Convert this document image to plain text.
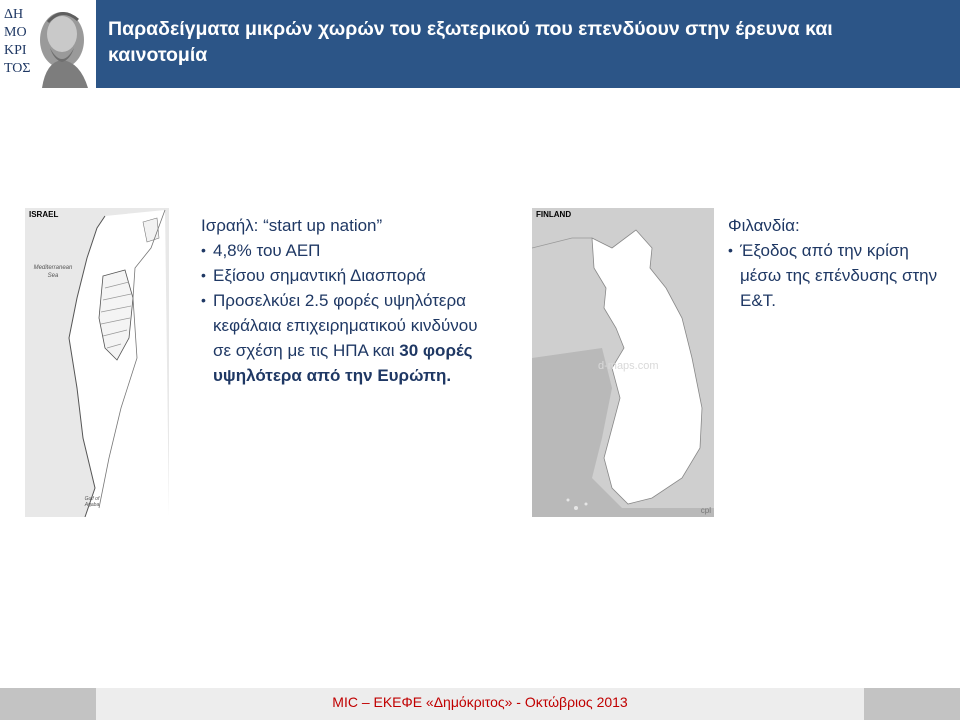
ΔΗ
ΜΟ
ΚΡΙ
ΤΟΣ
Παραδείγματα μικρών χωρών του εξωτερικού που επενδύουν στην έρευνα και καινοτομία
ISRAEL
Mediterranean Sea
Gulf of Aqaba
Ισραήλ: “start up nation”
• 4,8% του ΑΕΠ
• Εξίσου σημαντική Διασπορά
• Προσελκύει 2.5 φορές υψηλότερα κεφάλαια επιχειρηματικού κινδύνου σε σχέση με τις ΗΠΑ και 30 φορές υψηλότερα από την Ευρώπη.
FINLAND
d-maps.com
cpl
Φιλανδία:
• Έξοδος από την κρίση μέσω της επένδυσης στην Ε&Τ.
MIC – ΕΚΕΦΕ «Δημόκριτος» - Οκτώβριος 2013
